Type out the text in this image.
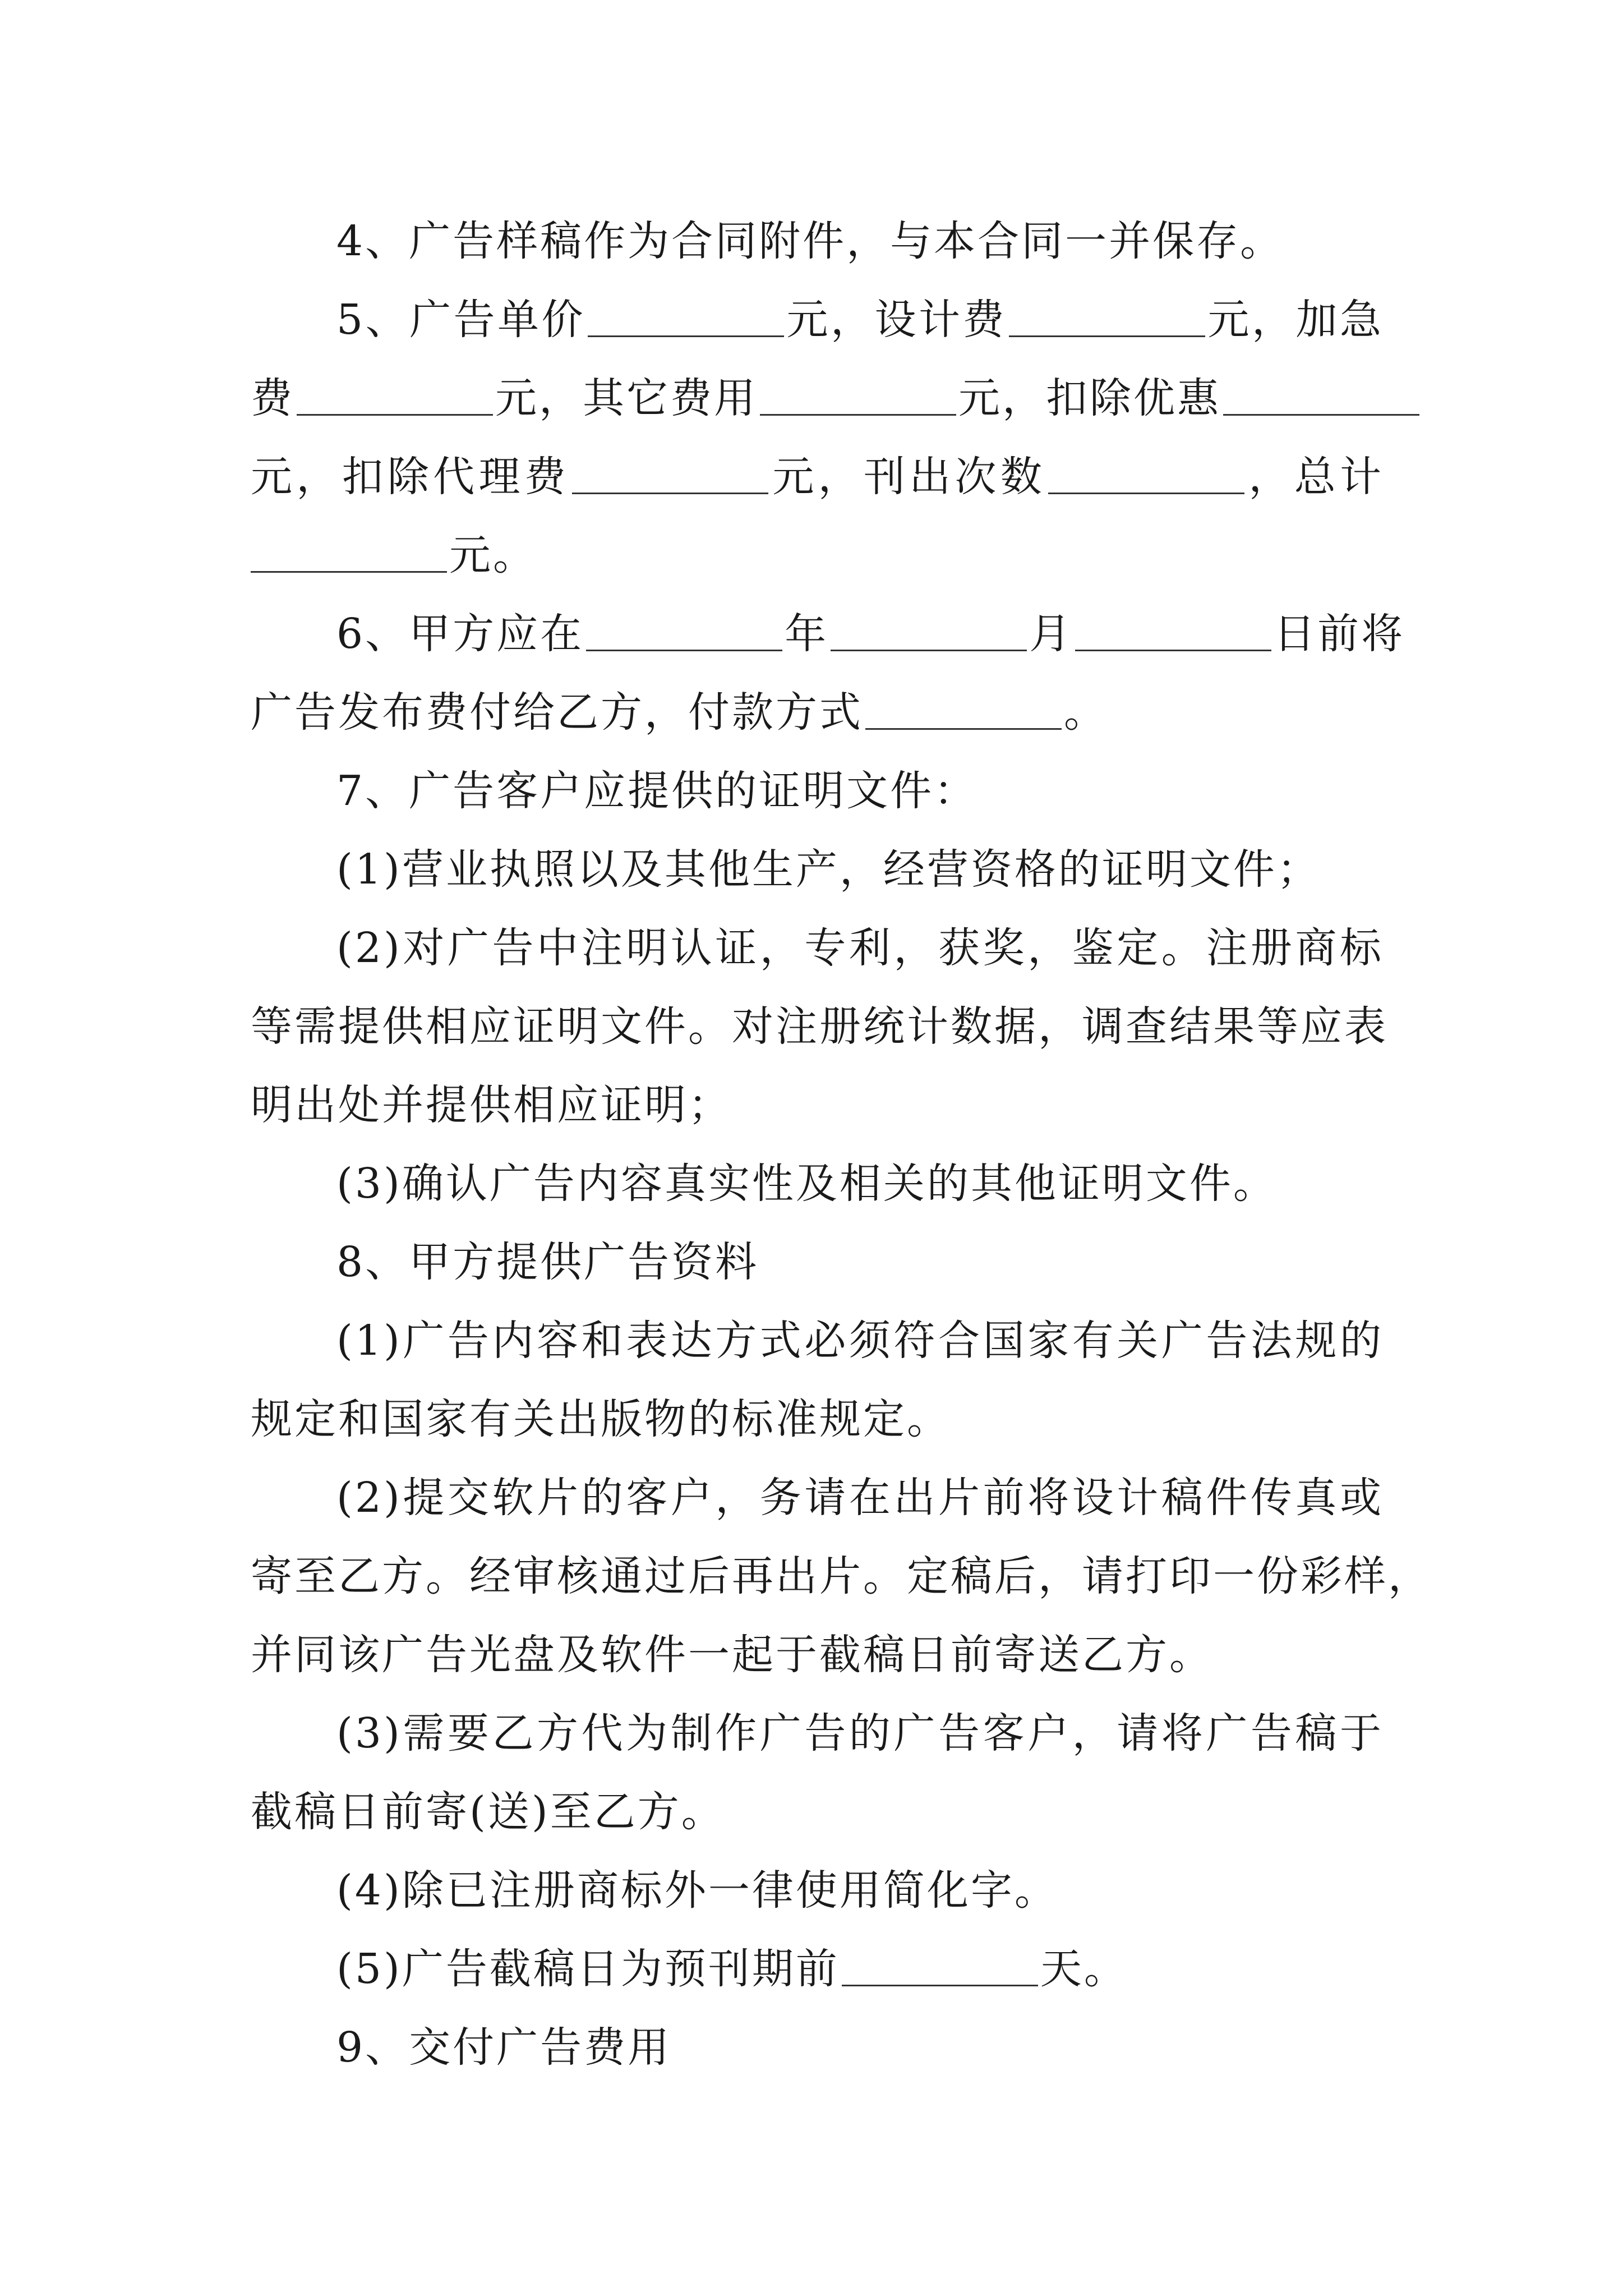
4、广告样稿作为合同附件，与本合同一并保存。
5、广告单价	元，设计费	元，加急
费	元，其它费用	元，扣除优惠
元，扣除代理费	元，刊出次数	，总计
元。
6、甲方应在	年	月	日前将
广告发布费付给乙方，付款方式	。
7、广告客户应提供的证明文件：
(1)营业执照以及其他生产，经营资格的证明文件；
(2)对广告中注明认证，专利，获奖，鉴定。注册商标
等需提供相应证明文件。对注册统计数据，调查结果等应表
明出处并提供相应证明；
(3)确认广告内容真实性及相关的其他证明文件。
8、甲方提供广告资料
(1)广告内容和表达方式必须符合国家有关广告法规的
规定和国家有关出版物的标准规定。
(2)提交软片的客户，务请在出片前将设计稿件传真或
寄至乙方。经审核通过后再出片。定稿后，请打印一份彩样，
并同该广告光盘及软件一起于截稿日前寄送乙方。
(3)需要乙方代为制作广告的广告客户，请将广告稿于
截稿日前寄(送)至乙方。
(4)除已注册商标外一律使用简化字。
(5)广告截稿日为预刊期前	天。
9、交付广告费用
